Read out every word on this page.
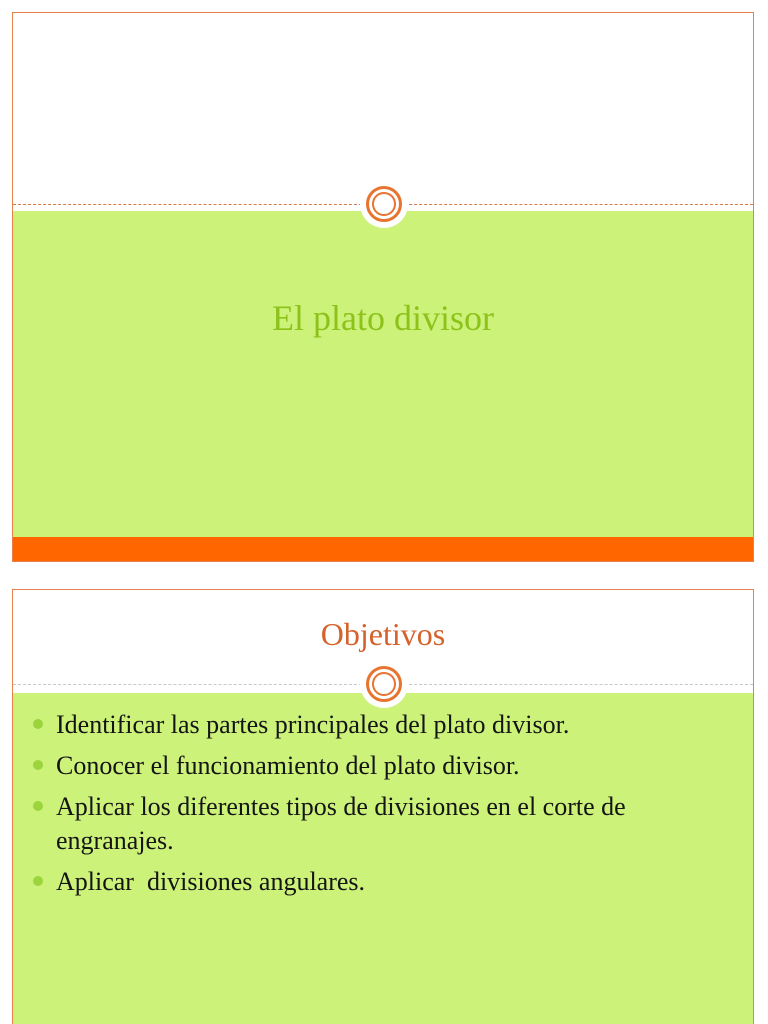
El plato divisor
Objetivos
Identificar las partes principales del plato divisor.
Conocer el funcionamiento del plato divisor.
Aplicar los diferentes tipos de divisiones en el corte de engranajes.
Aplicar  divisiones angulares.
